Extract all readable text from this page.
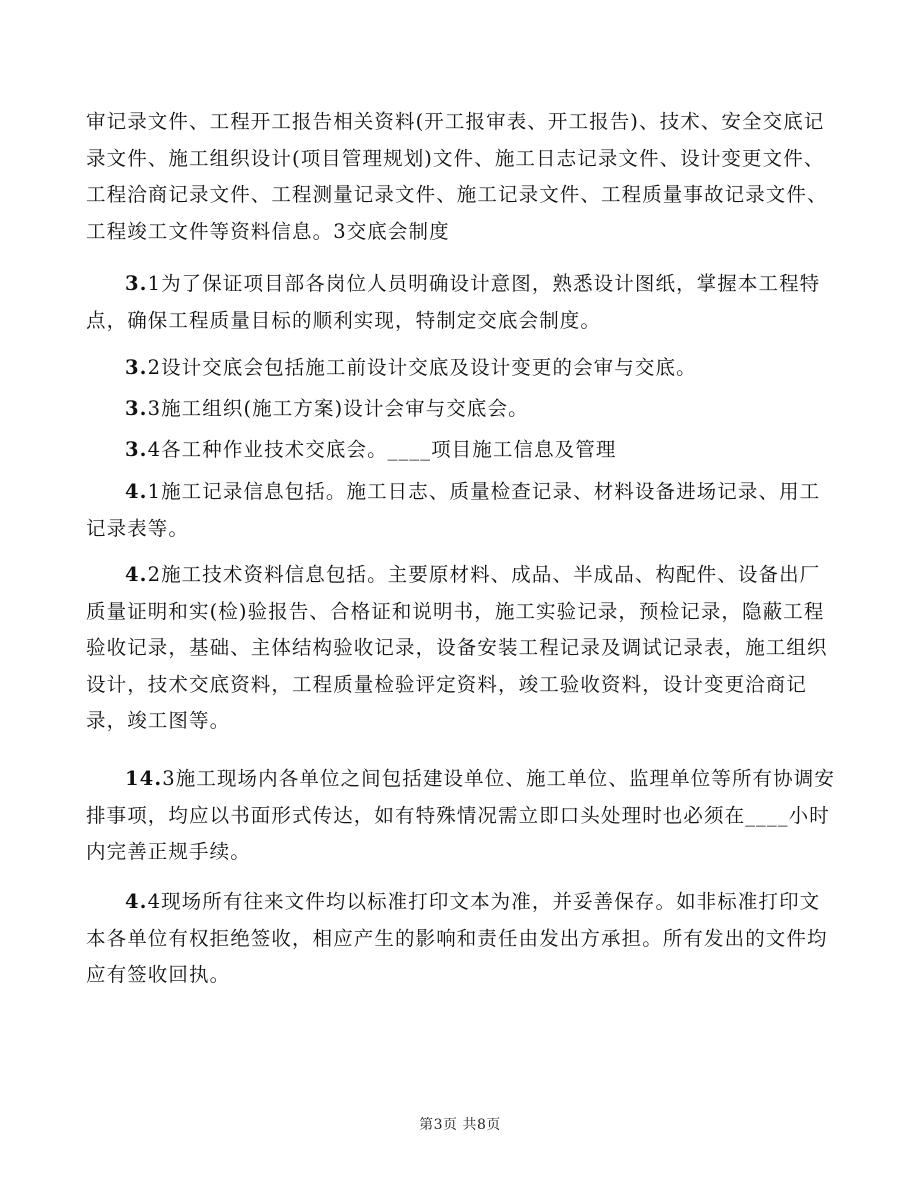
审记录文件、工程开工报告相关资料(开工报审表、开工报告)、技术、安全交底记录文件、施工组织设计(项目管理规划)文件、施工日志记录文件、设计变更文件、工程洽商记录文件、工程测量记录文件、施工记录文件、工程质量事故记录文件、工程竣工文件等资料信息。3交底会制度

3.1为了保证项目部各岗位人员明确设计意图，熟悉设计图纸，掌握本工程特点，确保工程质量目标的顺利实现，特制定交底会制度。

3.2设计交底会包括施工前设计交底及设计变更的会审与交底。

3.3施工组织(施工方案)设计会审与交底会。

3.4各工种作业技术交底会。____项目施工信息及管理

4.1施工记录信息包括。施工日志、质量检查记录、材料设备进场记录、用工记录表等。

4.2施工技术资料信息包括。主要原材料、成品、半成品、构配件、设备出厂质量证明和实(检)验报告、合格证和说明书，施工实验记录，预检记录，隐蔽工程验收记录，基础、主体结构验收记录，设备安装工程记录及调试记录表，施工组织设计，技术交底资料，工程质量检验评定资料，竣工验收资料，设计变更洽商记录，竣工图等。

14.3施工现场内各单位之间包括建设单位、施工单位、监理单位等所有协调安排事项，均应以书面形式传达，如有特殊情况需立即口头处理时也必须在____小时内完善正规手续。

4.4现场所有往来文件均以标准打印文本为准，并妥善保存。如非标准打印文本各单位有权拒绝签收，相应产生的影响和责任由发出方承担。所有发出的文件均应有签收回执。

第3页 共8页
